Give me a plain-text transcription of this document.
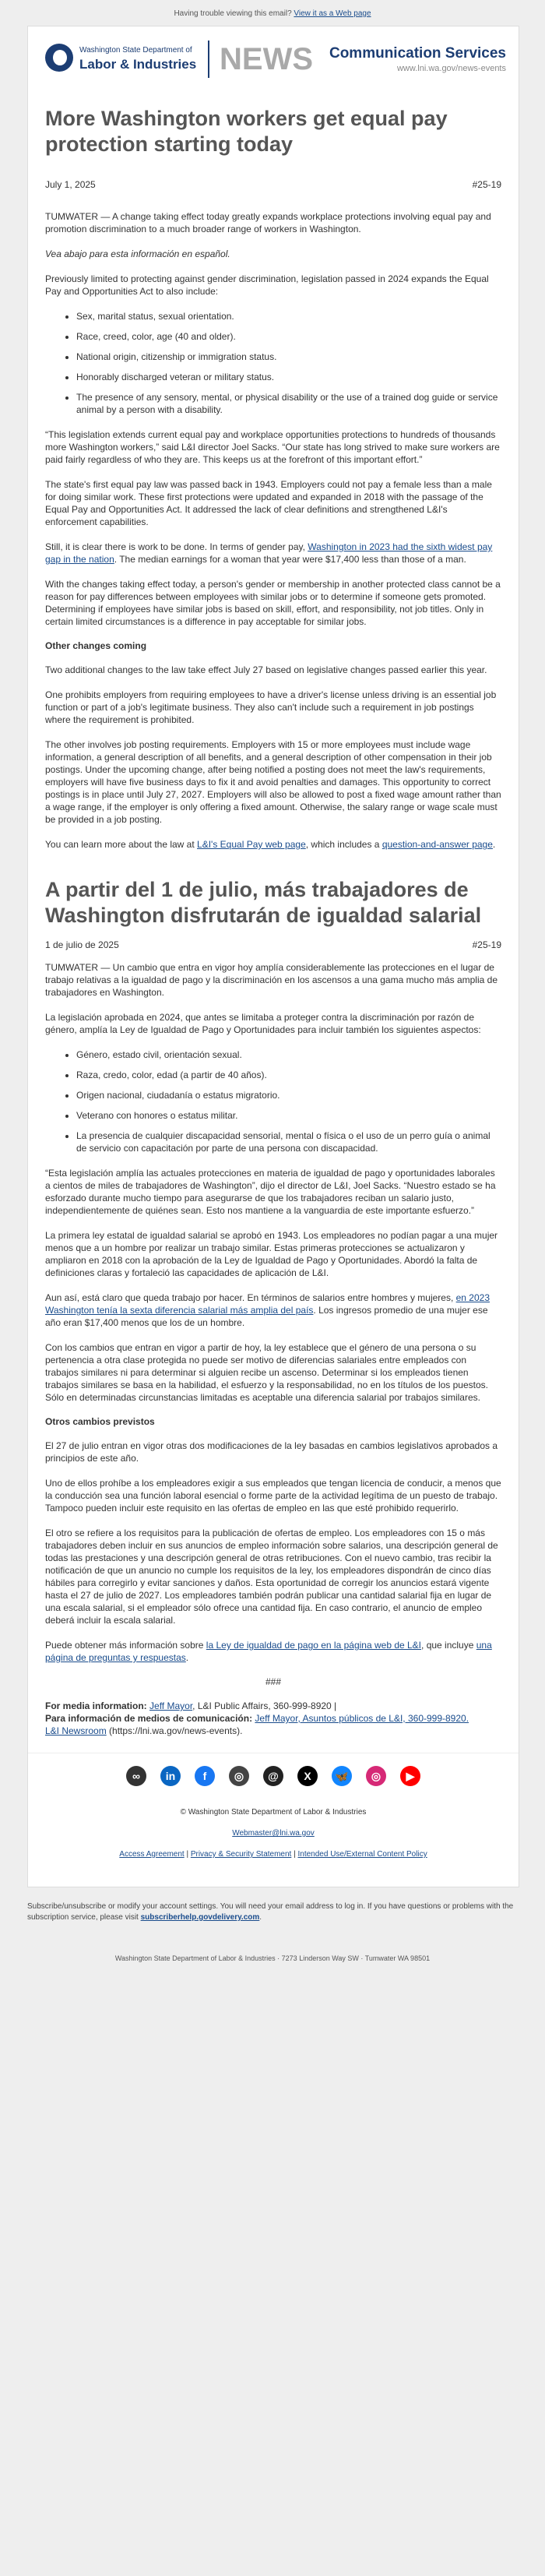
Having trouble viewing this email? View it as a Web page
Washington State Department of
Labor & Industries NEWS Communication Services
www.lni.wa.gov/news-events
More Washington workers get equal pay protection starting today
July 1, 2025	#25-19

TUMWATER — A change taking effect today greatly expands workplace protections involving equal pay and promotion discrimination to a much broader range of workers in Washington.

Vea abajo para esta información en español.

Previously limited to protecting against gender discrimination, legislation passed in 2024 expands the Equal Pay and Opportunities Act to also include:

• Sex, marital status, sexual orientation.
• Race, creed, color, age (40 and older).
• National origin, citizenship or immigration status.
• Honorably discharged veteran or military status.
• The presence of any sensory, mental, or physical disability or the use of a trained dog guide or service animal by a person with a disability.

“This legislation extends current equal pay and workplace opportunities protections to hundreds of thousands more Washington workers,” said L&I director Joel Sacks. “Our state has long strived to make sure workers are paid fairly regardless of who they are. This keeps us at the forefront of this important effort.”

The state's first equal pay law was passed back in 1943. Employers could not pay a female less than a male for doing similar work. These first protections were updated and expanded in 2018 with the passage of the Equal Pay and Opportunities Act. It addressed the lack of clear definitions and strengthened L&I's enforcement capabilities.

Still, it is clear there is work to be done. In terms of gender pay, Washington in 2023 had the sixth widest pay gap in the nation. The median earnings for a woman that year were $17,400 less than those of a man.

With the changes taking effect today, a person's gender or membership in another protected class cannot be a reason for pay differences between employees with similar jobs or to determine if someone gets promoted. Determining if employees have similar jobs is based on skill, effort, and responsibility, not job titles. Only in certain limited circumstances is a difference in pay acceptable for similar jobs.

Other changes coming

Two additional changes to the law take effect July 27 based on legislative changes passed earlier this year.

One prohibits employers from requiring employees to have a driver's license unless driving is an essential job function or part of a job's legitimate business. They also can't include such a requirement in job postings where the requirement is prohibited.

The other involves job posting requirements. Employers with 15 or more employees must include wage information, a general description of all benefits, and a general description of other compensation in their job postings. Under the upcoming change, after being notified a posting does not meet the law's requirements, employers will have five business days to fix it and avoid penalties and damages. This opportunity to correct postings is in place until July 27, 2027. Employers will also be allowed to post a fixed wage amount rather than a wage range, if the employer is only offering a fixed amount. Otherwise, the salary range or wage scale must be provided in a job posting.

You can learn more about the law at L&I's Equal Pay web page, which includes a question-and-answer page.

A partir del 1 de julio, más trabajadores de Washington disfrutarán de igualdad salarial
1 de julio de 2025	#25-19

TUMWATER — Un cambio que entra en vigor hoy amplía considerablemente las protecciones en el lugar de trabajo relativas a la igualdad de pago y la discriminación en los ascensos a una gama mucho más amplia de trabajadores en Washington.

La legislación aprobada en 2024, que antes se limitaba a proteger contra la discriminación por razón de género, amplía la Ley de Igualdad de Pago y Oportunidades para incluir también los siguientes aspectos:

• Género, estado civil, orientación sexual.
• Raza, credo, color, edad (a partir de 40 años).
• Origen nacional, ciudadanía o estatus migratorio.
• Veterano con honores o estatus militar.
• La presencia de cualquier discapacidad sensorial, mental o física o el uso de un perro guía o animal de servicio con capacitación por parte de una persona con discapacidad.

“Esta legislación amplía las actuales protecciones en materia de igualdad de pago y oportunidades laborales a cientos de miles de trabajadores de Washington”, dijo el director de L&I, Joel Sacks. “Nuestro estado se ha esforzado durante mucho tiempo para asegurarse de que los trabajadores reciban un salario justo, independientemente de quiénes sean. Esto nos mantiene a la vanguardia de este importante esfuerzo.”

La primera ley estatal de igualdad salarial se aprobó en 1943. Los empleadores no podían pagar a una mujer menos que a un hombre por realizar un trabajo similar. Estas primeras protecciones se actualizaron y ampliaron en 2018 con la aprobación de la Ley de Igualdad de Pago y Oportunidades. Abordó la falta de definiciones claras y fortaleció las capacidades de aplicación de L&I.

Aun así, está claro que queda trabajo por hacer. En términos de salarios entre hombres y mujeres, en 2023 Washington tenía la sexta diferencia salarial más amplia del país. Los ingresos promedio de una mujer ese año eran $17,400 menos que los de un hombre.

Con los cambios que entran en vigor a partir de hoy, la ley establece que el género de una persona o su pertenencia a otra clase protegida no puede ser motivo de diferencias salariales entre empleados con trabajos similares ni para determinar si alguien recibe un ascenso. Determinar si los empleados tienen trabajos similares se basa en la habilidad, el esfuerzo y la responsabilidad, no en los títulos de los puestos. Sólo en determinadas circunstancias limitadas es aceptable una diferencia salarial por trabajos similares.

Otros cambios previstos

El 27 de julio entran en vigor otras dos modificaciones de la ley basadas en cambios legislativos aprobados a principios de este año.

Uno de ellos prohíbe a los empleadores exigir a sus empleados que tengan licencia de conducir, a menos que la conducción sea una función laboral esencial o forme parte de la actividad legítima de un puesto de trabajo. Tampoco pueden incluir este requisito en las ofertas de empleo en las que esté prohibido requerirlo.

El otro se refiere a los requisitos para la publicación de ofertas de empleo. Los empleadores con 15 o más trabajadores deben incluir en sus anuncios de empleo información sobre salarios, una descripción general de todas las prestaciones y una descripción general de otras retribuciones. Con el nuevo cambio, tras recibir la notificación de que un anuncio no cumple los requisitos de la ley, los empleadores dispondrán de cinco días hábiles para corregirlo y evitar sanciones y daños. Esta oportunidad de corregir los anuncios estará vigente hasta el 27 de julio de 2027. Los empleadores también podrán publicar una cantidad salarial fija en lugar de una escala salarial, si el empleador sólo ofrece una cantidad fija. En caso contrario, el anuncio de empleo deberá incluir la escala salarial.

Puede obtener más información sobre la Ley de igualdad de pago en la página web de L&I, que incluye una página de preguntas y respuestas.

###
For media information: Jeff Mayor, L&I Public Affairs, 360-999-8920 |
Para información de medios de comunicación: Jeff Mayor, Asuntos públicos de L&I, 360-999-8920.
L&I Newsroom (https://lni.wa.gov/news-events).
∞	in	f	◎	@	X	🦋	◎	▶
© Washington State Department of Labor & Industries
Webmaster@lni.wa.gov
Access Agreement | Privacy & Security Statement | Intended Use/External Content Policy
Subscribe/unsubscribe or modify your account settings. You will need your email address to log in. If you have questions or problems with the subscription service, please visit subscriberhelp.govdelivery.com.
Washington State Department of Labor & Industries · 7273 Linderson Way SW · Tumwater WA 98501
